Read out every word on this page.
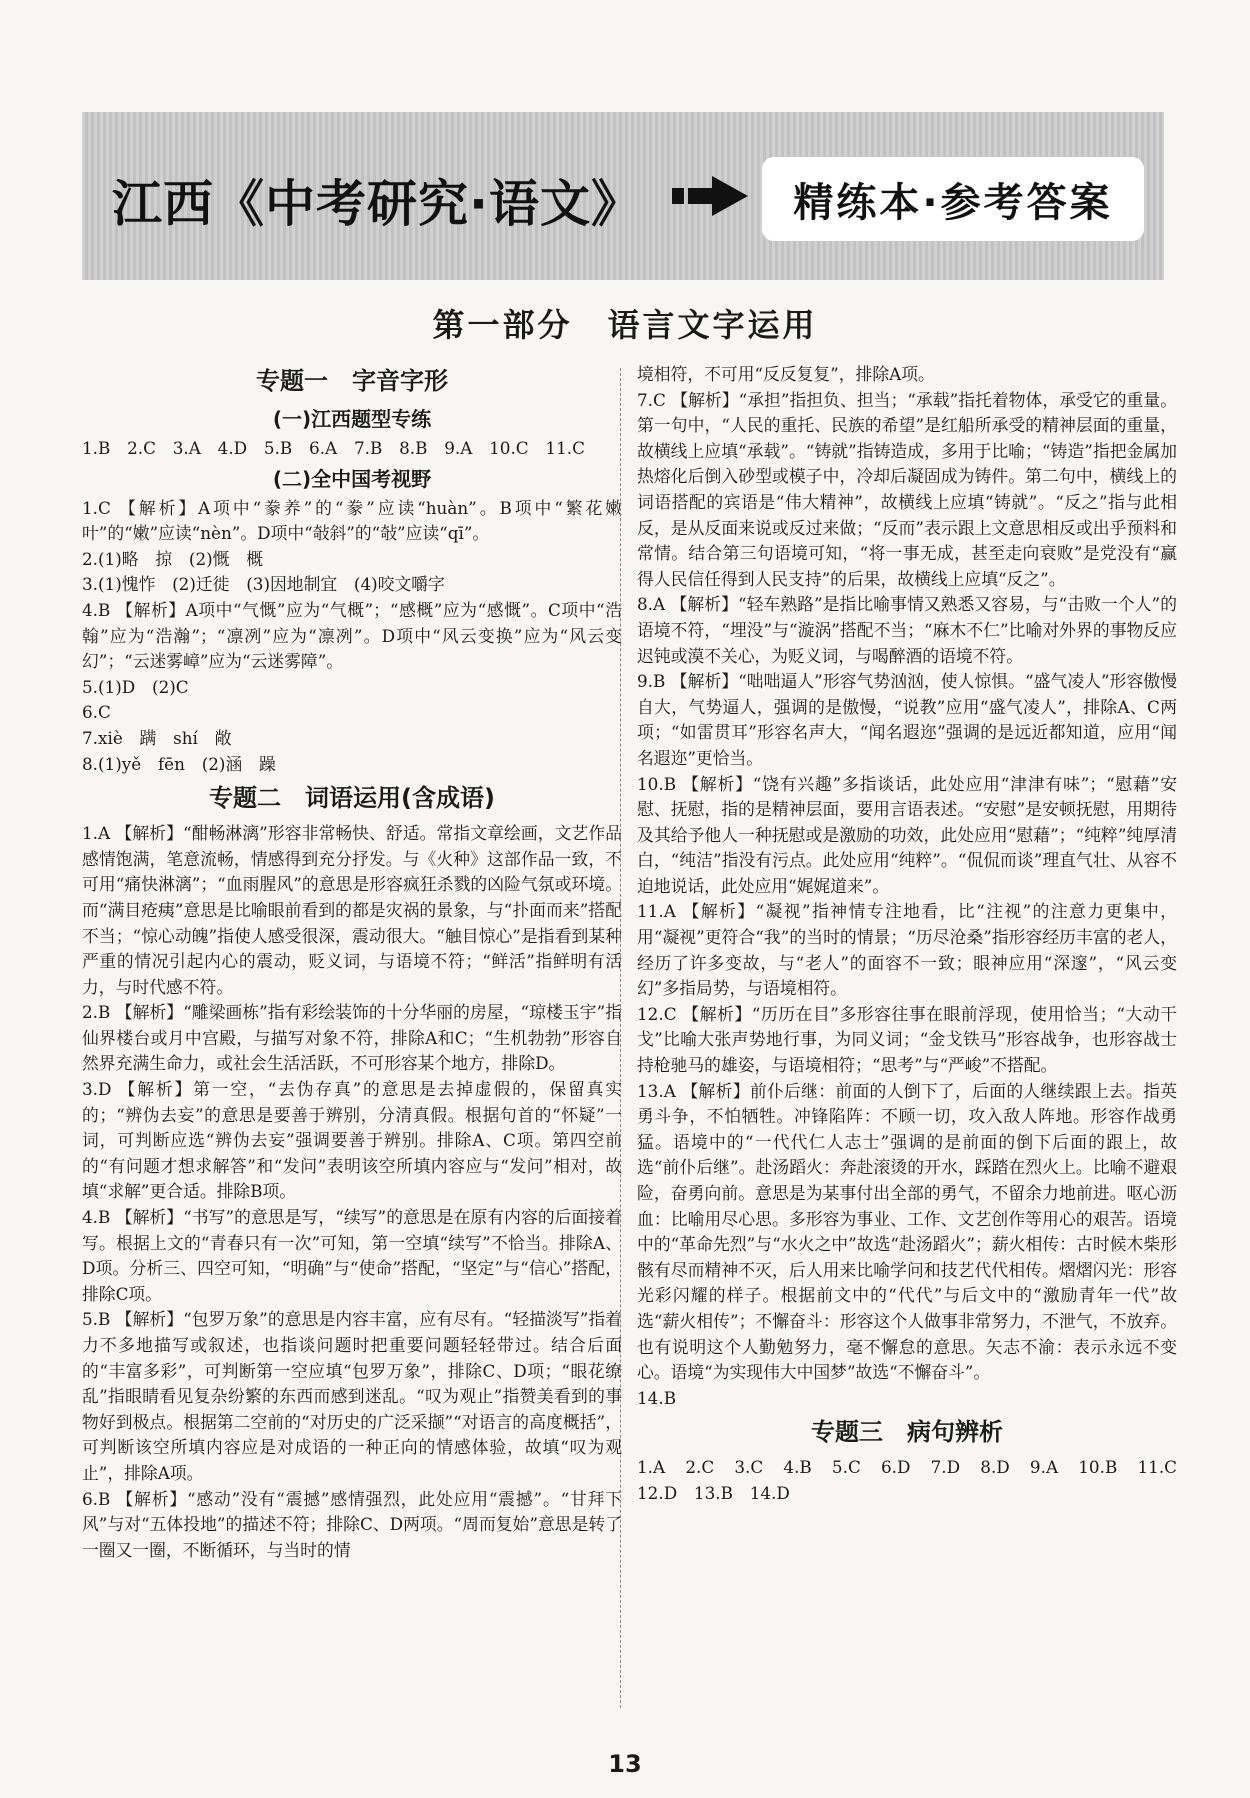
江西《中考研究·语文》	精练本·参考答案
第一部分　语言文字运用
专题一　字音字形
(一)江西题型专练
1.B　2.C　3.A　4.D　5.B　6.A　7.B　8.B　9.A　10.C　11.C
(二)全中国考视野
1.C 【解析】A项中“豢养”的“豢”应读“huàn”。B项中“繁花嫩叶”的“嫩”应读“nèn”。D项中“敧斜”的“敧”应读“qī”。
2.(1)略　掠　(2)慨　概
3.(1)愧怍　(2)迁徙　(3)因地制宜　(4)咬文嚼字
4.B 【解析】A项中“气慨”应为“气概”；“感概”应为“感慨”。C项中“浩翰”应为“浩瀚”；“凛冽”应为“凛冽”。D项中“风云变换”应为“风云变幻”；“云迷雾嶂”应为“云迷雾障”。
5.(1)D　(2)C
6.C
7.xiè　蹒　shí　敞
8.(1)yě　fēn　(2)涵　躁
专题二　词语运用(含成语)
1.A 【解析】“酣畅淋漓”形容非常畅快、舒适。常指文章绘画，文艺作品感情饱满，笔意流畅，情感得到充分抒发。与《火种》这部作品一致，不可用“痛快淋漓”；“血雨腥风”的意思是形容疯狂杀戮的凶险气氛或环境。而“满目疮痍”意思是比喻眼前看到的都是灾祸的景象，与“扑面而来”搭配不当；“惊心动魄”指使人感受很深，震动很大。“触目惊心”是指看到某种严重的情况引起内心的震动，贬义词，与语境不符；“鲜活”指鲜明有活力，与时代感不符。
2.B 【解析】“雕梁画栋”指有彩绘装饰的十分华丽的房屋，“琼楼玉宇”指仙界楼台或月中宫殿，与描写对象不符，排除A和C；“生机勃勃”形容自然界充满生命力，或社会生活活跃，不可形容某个地方，排除D。
3.D 【解析】第一空，“去伪存真”的意思是去掉虚假的，保留真实的；“辨伪去妄”的意思是要善于辨别，分清真假。根据句首的“怀疑”一词，可判断应选“辨伪去妄”强调要善于辨别。排除A、C项。第四空前的“有问题才想求解答”和“发问”表明该空所填内容应与“发问”相对，故填“求解”更合适。排除B项。
4.B 【解析】“书写”的意思是写，“续写”的意思是在原有内容的后面接着写。根据上文的“青春只有一次”可知，第一空填“续写”不恰当。排除A、D项。分析三、四空可知，“明确”与“使命”搭配，“坚定”与“信心”搭配，排除C项。
5.B 【解析】“包罗万象”的意思是内容丰富，应有尽有。“轻描淡写”指着力不多地描写或叙述，也指谈问题时把重要问题轻轻带过。结合后面的“丰富多彩”，可判断第一空应填“包罗万象”，排除C、D项；“眼花缭乱”指眼睛看见复杂纷繁的东西而感到迷乱。“叹为观止”指赞美看到的事物好到极点。根据第二空前的“对历史的广泛采撷”“对语言的高度概括”，可判断该空所填内容应是对成语的一种正向的情感体验，故填“叹为观止”，排除A项。
6.B 【解析】“感动”没有“震撼”感情强烈，此处应用“震撼”。“甘拜下风”与对“五体投地”的描述不符；排除C、D两项。“周而复始”意思是转了一圈又一圈，不断循环，与当时的情
境相符，不可用“反反复复”，排除A项。
7.C 【解析】“承担”指担负、担当；“承载”指托着物体，承受它的重量。第一句中，“人民的重托、民族的希望”是红船所承受的精神层面的重量，故横线上应填“承载”。“铸就”指铸造成，多用于比喻；“铸造”指把金属加热熔化后倒入砂型或模子中，冷却后凝固成为铸件。第二句中，横线上的词语搭配的宾语是“伟大精神”，故横线上应填“铸就”。“反之”指与此相反，是从反面来说或反过来做；“反而”表示跟上文意思相反或出乎预料和常情。结合第三句语境可知，“将一事无成，甚至走向衰败”是党没有“赢得人民信任得到人民支持”的后果，故横线上应填“反之”。
8.A 【解析】“轻车熟路”是指比喻事情又熟悉又容易，与“击败一个人”的语境不符，“埋没”与“漩涡”搭配不当；“麻木不仁”比喻对外界的事物反应迟钝或漠不关心，为贬义词，与喝醉酒的语境不符。
9.B 【解析】“咄咄逼人”形容气势汹汹，使人惊惧。“盛气凌人”形容傲慢自大，气势逼人，强调的是傲慢，“说教”应用“盛气凌人”，排除A、C两项；“如雷贯耳”形容名声大，“闻名遐迩”强调的是远近都知道，应用“闻名遐迩”更恰当。
10.B 【解析】“饶有兴趣”多指谈话，此处应用“津津有味”；“慰藉”安慰、抚慰，指的是精神层面，要用言语表述。“安慰”是安顿抚慰，用期待及其给予他人一种抚慰或是激励的功效，此处应用“慰藉”；“纯粹”纯厚清白，“纯洁”指没有污点。此处应用“纯粹”。“侃侃而谈”理直气壮、从容不迫地说话，此处应用“娓娓道来”。
11.A 【解析】“凝视”指神情专注地看，比“注视”的注意力更集中，用“凝视”更符合“我”的当时的情景；“历尽沧桑”指形容经历丰富的老人，经历了许多变故，与“老人”的面容不一致；眼神应用“深邃”，“风云变幻”多指局势，与语境相符。
12.C 【解析】“历历在目”多形容往事在眼前浮现，使用恰当；“大动干戈”比喻大张声势地行事，为同义词；“金戈铁马”形容战争，也形容战士持枪驰马的雄姿，与语境相符；“思考”与“严峻”不搭配。
13.A 【解析】前仆后继：前面的人倒下了，后面的人继续跟上去。指英勇斗争，不怕牺牲。冲锋陷阵：不顾一切，攻入敌人阵地。形容作战勇猛。语境中的“一代代仁人志士”强调的是前面的倒下后面的跟上，故选“前仆后继”。赴汤蹈火：奔赴滚烫的开水，踩踏在烈火上。比喻不避艰险，奋勇向前。意思是为某事付出全部的勇气，不留余力地前进。呕心沥血：比喻用尽心思。多形容为事业、工作、文艺创作等用心的艰苦。语境中的“革命先烈”与“水火之中”故选“赴汤蹈火”；薪火相传：古时候木柴形骸有尽而精神不灭，后人用来比喻学问和技艺代代相传。熠熠闪光：形容光彩闪耀的样子。根据前文中的“代代”与后文中的“激励青年一代”故选“薪火相传”；不懈奋斗：形容这个人做事非常努力，不泄气，不放弃。也有说明这个人勤勉努力，毫不懈怠的意思。矢志不渝：表示永远不变心。语境“为实现伟大中国梦”故选“不懈奋斗”。
14.B
专题三　病句辨析
1.A　2.C　3.C　4.B　5.C　6.D　7.D　8.D　9.A　10.B　11.C　12.D　13.B　14.D
13
